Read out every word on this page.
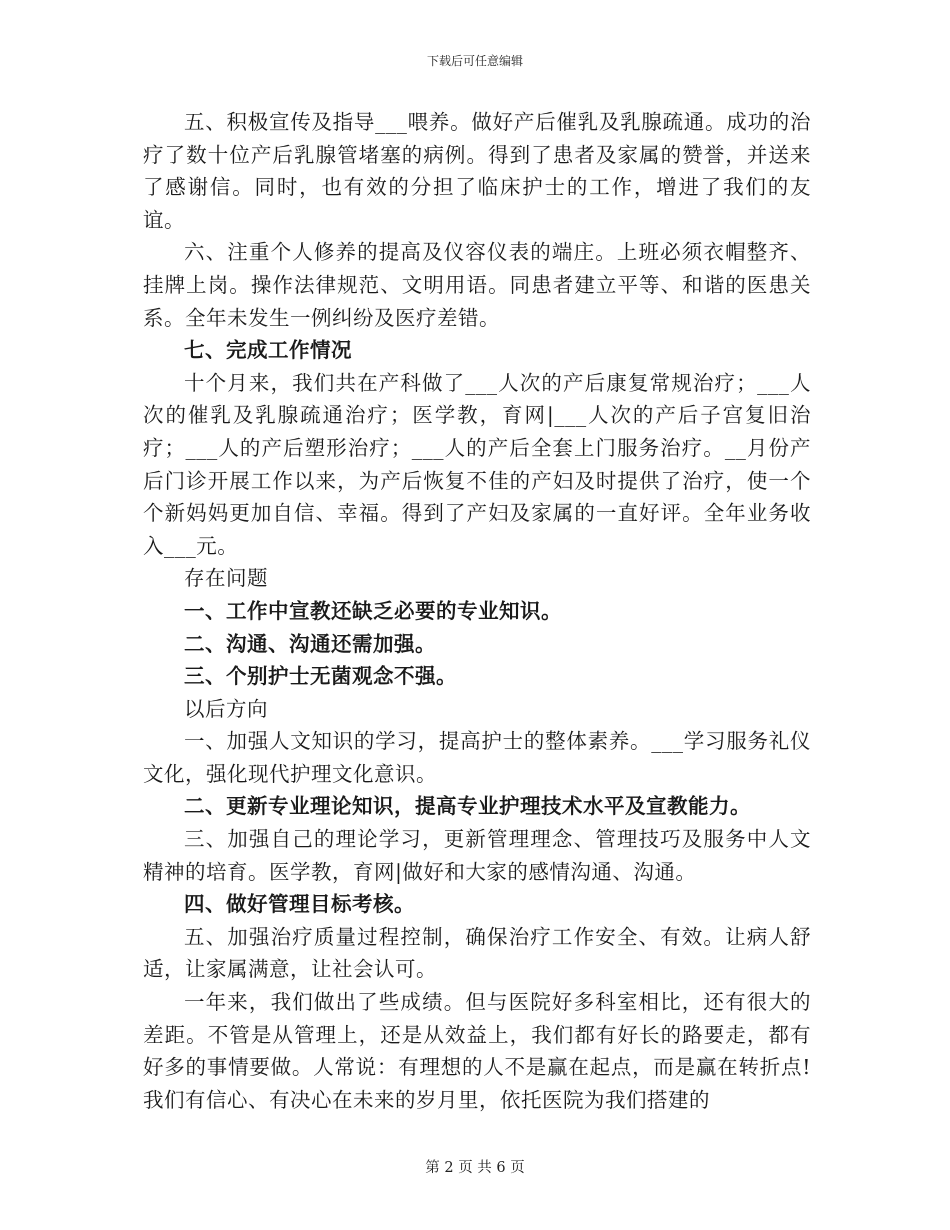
下载后可任意编辑

五、积极宣传及指导___喂养。做好产后催乳及乳腺疏通。成功的治疗了数十位产后乳腺管堵塞的病例。得到了患者及家属的赞誉，并送来了感谢信。同时，也有效的分担了临床护士的工作，增进了我们的友谊。

六、注重个人修养的提高及仪容仪表的端庄。上班必须衣帽整齐、挂牌上岗。操作法律规范、文明用语。同患者建立平等、和谐的医患关系。全年未发生一例纠纷及医疗差错。

七、完成工作情况

十个月来，我们共在产科做了___人次的产后康复常规治疗；___人次的催乳及乳腺疏通治疗；医学教，育网|___人次的产后子宫复旧治疗；___人的产后塑形治疗；___人的产后全套上门服务治疗。__月份产后门诊开展工作以来，为产后恢复不佳的产妇及时提供了治疗，使一个个新妈妈更加自信、幸福。得到了产妇及家属的一直好评。全年业务收入___元。

存在问题

一、工作中宣教还缺乏必要的专业知识。

二、沟通、沟通还需加强。

三、个别护士无菌观念不强。

以后方向

一、加强人文知识的学习，提高护士的整体素养。___学习服务礼仪文化，强化现代护理文化意识。

二、更新专业理论知识，提高专业护理技术水平及宣教能力。

三、加强自己的理论学习，更新管理理念、管理技巧及服务中人文精神的培育。医学教，育网|做好和大家的感情沟通、沟通。

四、做好管理目标考核。

五、加强治疗质量过程控制，确保治疗工作安全、有效。让病人舒适，让家属满意，让社会认可。

一年来，我们做出了些成绩。但与医院好多科室相比，还有很大的差距。不管是从管理上，还是从效益上，我们都有好长的路要走，都有好多的事情要做。人常说：有理想的人不是赢在起点，而是赢在转折点!我们有信心、有决心在未来的岁月里，依托医院为我们搭建的

第 2 页 共 6 页
